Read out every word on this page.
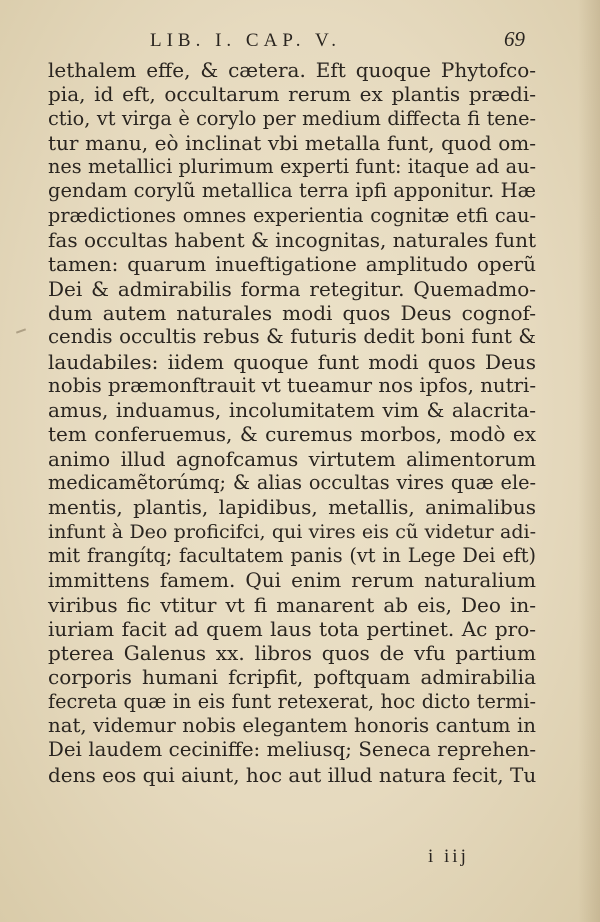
LIB. I. CAP. V.	69
lethalem effe, & cætera. Eft quoque Phytofco-
pia, id eft, occultarum rerum ex plantis prædi-
ctio, vt virga è corylo per medium diffecta fi tene-
tur manu, eò inclinat vbi metalla funt, quod om-
nes metallici plurimum experti funt: itaque ad au-
gendam corylũ metallica terra ipfi apponitur. Hæ
prædictiones omnes experientia cognitæ etfi cau-
fas occultas habent & incognitas, naturales funt
tamen: quarum inueftigatione amplitudo operũ
Dei & admirabilis forma retegitur. Quemadmo-
dum autem naturales modi quos Deus cognof-
cendis occultis rebus & futuris dedit boni funt &
laudabiles: iidem quoque funt modi quos Deus
nobis præmonftrauit vt tueamur nos ipfos, nutri-
amus, induamus, incolumitatem vim & alacrita-
tem conferuemus, & curemus morbos, modò ex
animo illud agnofcamus virtutem alimentorum
medicamẽtorúmq; & alias occultas vires quæ ele-
mentis, plantis, lapidibus, metallis, animalibus
infunt à Deo proficifci, qui vires eis cũ videtur adi-
mit frangítq; facultatem panis (vt in Lege Dei eft)
immittens famem. Qui enim rerum naturalium
viribus fic vtitur vt fi manarent ab eis, Deo in-
iuriam facit ad quem laus tota pertinet. Ac pro-
pterea Galenus xx. libros quos de vfu partium
corporis humani fcripfit, poftquam admirabilia
fecreta quæ in eis funt retexerat, hoc dicto termi-
nat, videmur nobis elegantem honoris cantum in
Dei laudem ceciniffe: meliusq; Seneca reprehen-
dens eos qui aiunt, hoc aut illud natura fecit, Tu
i iij
